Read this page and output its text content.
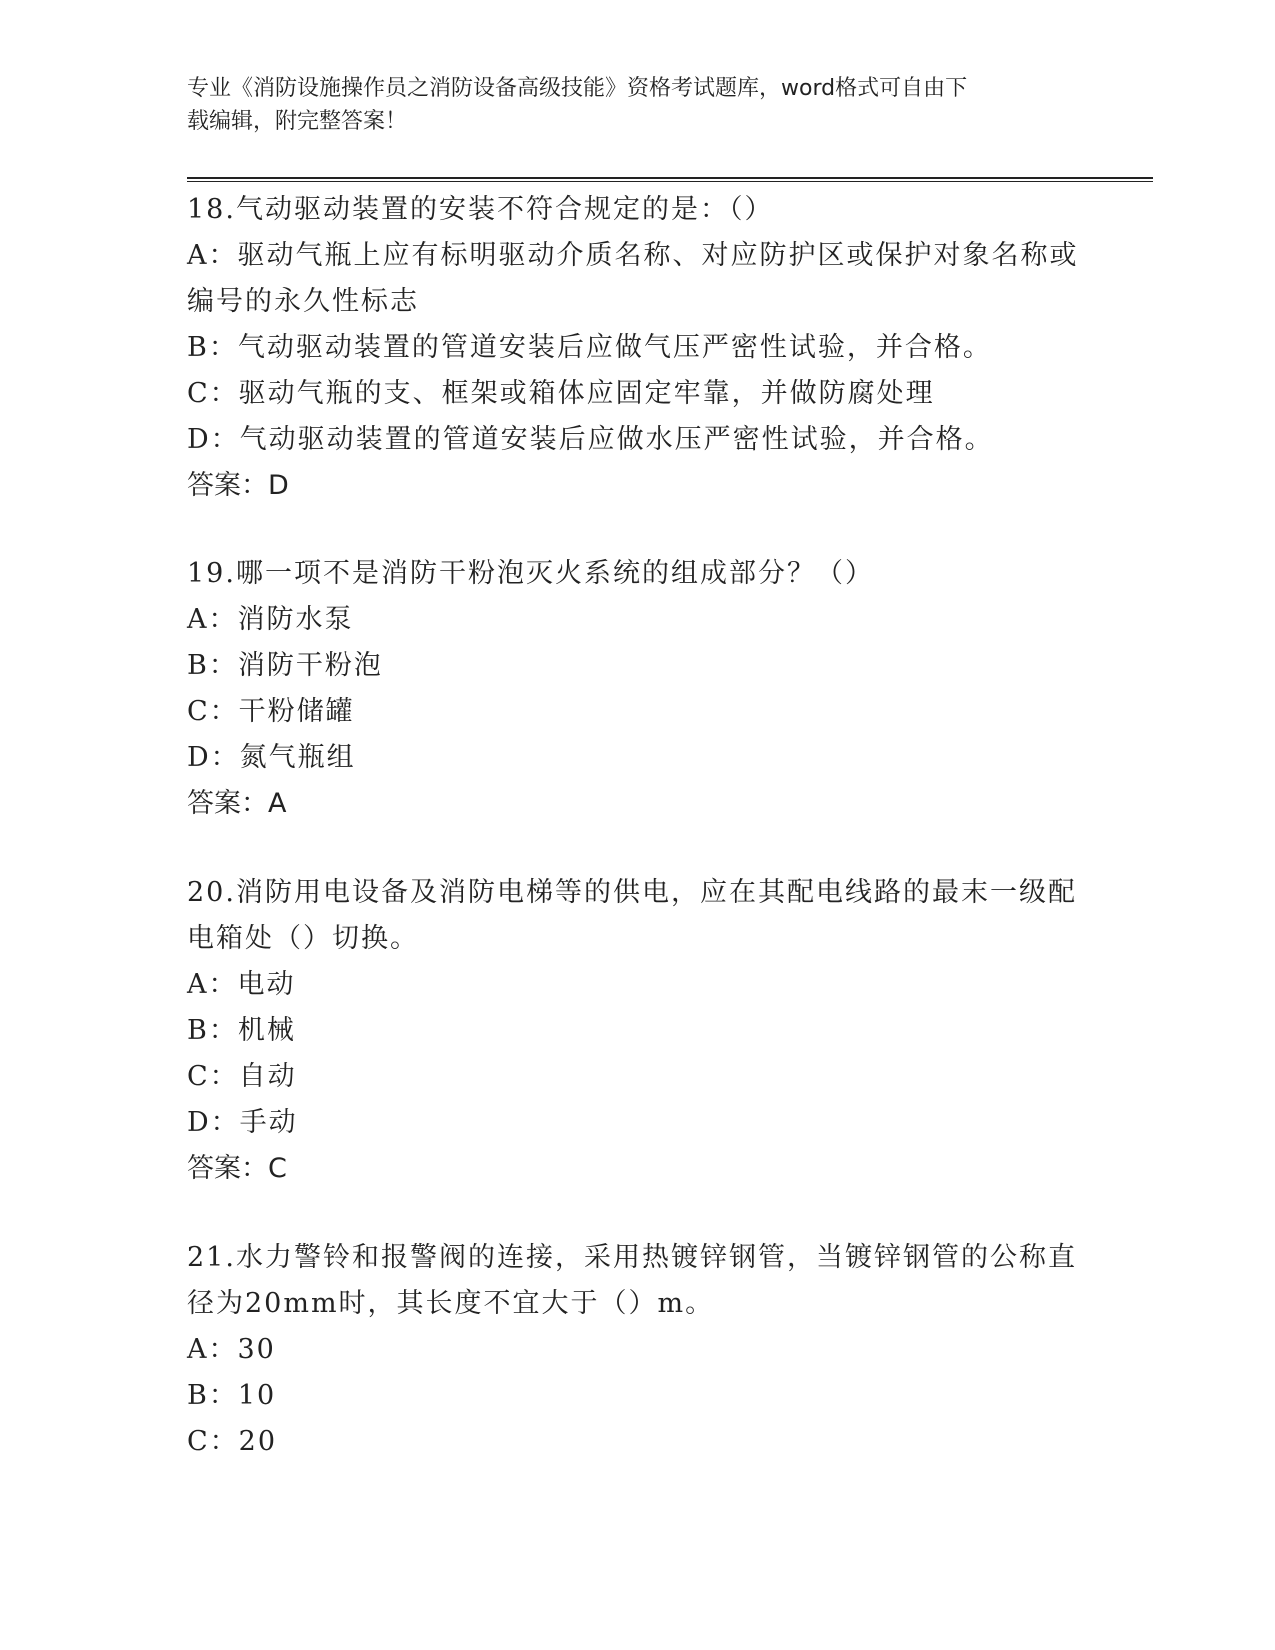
专业《消防设施操作员之消防设备高级技能》资格考试题库，word格式可自由下
载编辑，附完整答案！
18.气动驱动装置的安装不符合规定的是：（）
A：驱动气瓶上应有标明驱动介质名称、对应防护区或保护对象名称或
编号的永久性标志
B：气动驱动装置的管道安装后应做气压严密性试验，并合格。
C：驱动气瓶的支、框架或箱体应固定牢靠，并做防腐处理
D：气动驱动装置的管道安装后应做水压严密性试验，并合格。
答案：D
19.哪一项不是消防干粉泡灭火系统的组成部分？（）
A：消防水泵
B：消防干粉泡
C：干粉储罐
D：氮气瓶组
答案：A
20.消防用电设备及消防电梯等的供电，应在其配电线路的最末一级配
电箱处（）切换。
A：电动
B：机械
C：自动
D：手动
答案：C
21.水力警铃和报警阀的连接，采用热镀锌钢管，当镀锌钢管的公称直
径为20mm时，其长度不宜大于（）m。
A：30
B：10
C：20
